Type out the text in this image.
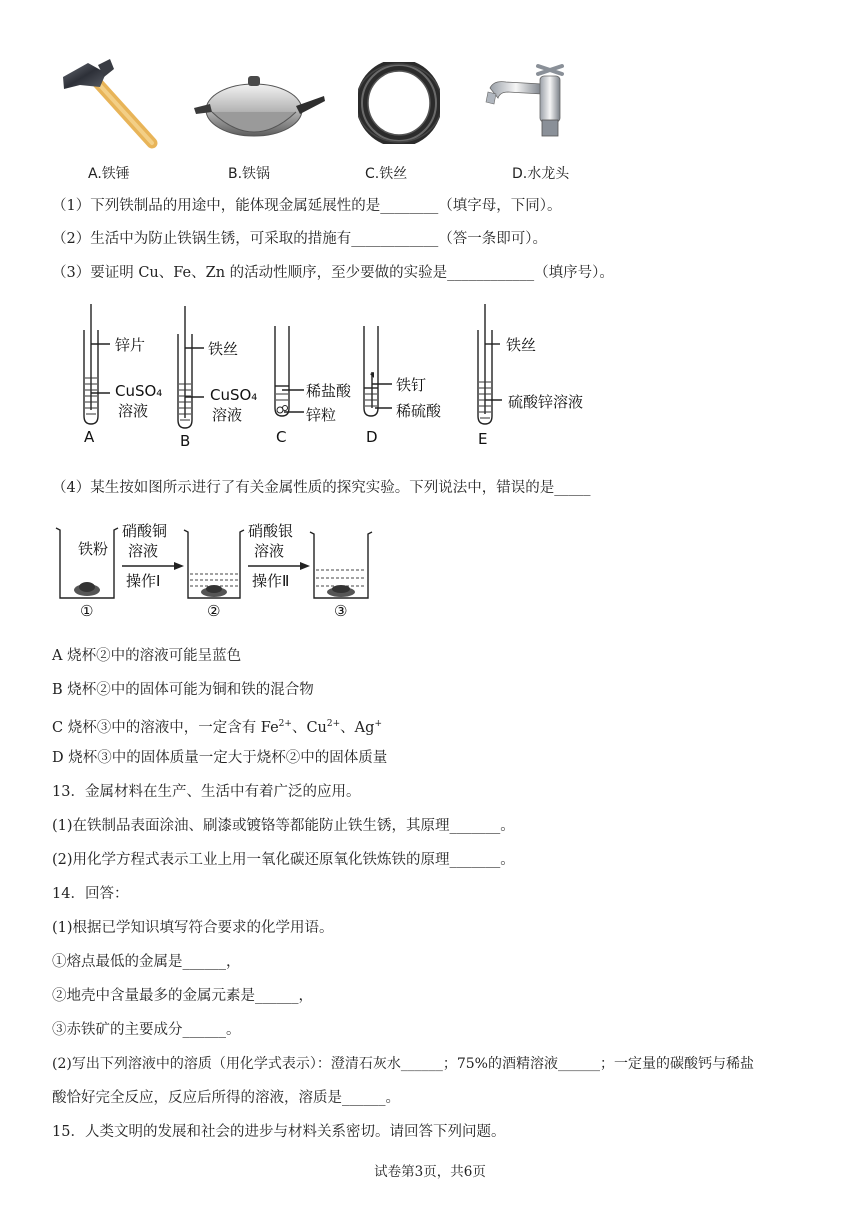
A.铁锤	B.铁锅	C.铁丝	D.水龙头
（1）下列铁制品的用途中，能体现金属延展性的是________（填字母，下同）。
（2）生活中为防止铁锅生锈，可采取的措施有____________（答一条即可）。
（3）要证明 Cu、Fe、Zn 的活动性顺序，至少要做的实验是____________（填序号）。
锌片
CuSO₄
溶液
A
铁丝
CuSO₄
溶液
B
稀盐酸
锌粒
C
铁钉
稀硫酸
D
铁丝
硫酸锌溶液
E
（4）某生按如图所示进行了有关金属性质的探究实验。下列说法中，错误的是_____
铁粉
硝酸铜
溶液
操作Ⅰ
硝酸银
溶液
操作Ⅱ
①	②	③
A 烧杯②中的溶液可能呈蓝色
B 烧杯②中的固体可能为铜和铁的混合物
C 烧杯③中的溶液中，一定含有 $Fe^{2+}$、$Cu^{2+}$、Ag+
D 烧杯③中的固体质量一定大于烧杯②中的固体质量
13．金属材料在生产、生活中有着广泛的应用。
(1)在铁制品表面涂油、刷漆或镀铬等都能防止铁生锈，其原理_______。
(2)用化学方程式表示工业上用一氧化碳还原氧化铁炼铁的原理_______。
14．回答：
(1)根据已学知识填写符合要求的化学用语。
①熔点最低的金属是______，
②地壳中含量最多的金属元素是______，
③赤铁矿的主要成分______。
(2)写出下列溶液中的溶质（用化学式表示）：澄清石灰水______；75%的酒精溶液______；一定量的碳酸钙与稀盐
酸恰好完全反应，反应后所得的溶液，溶质是______。
15．人类文明的发展和社会的进步与材料关系密切。请回答下列问题。
试卷第3页，共6页
